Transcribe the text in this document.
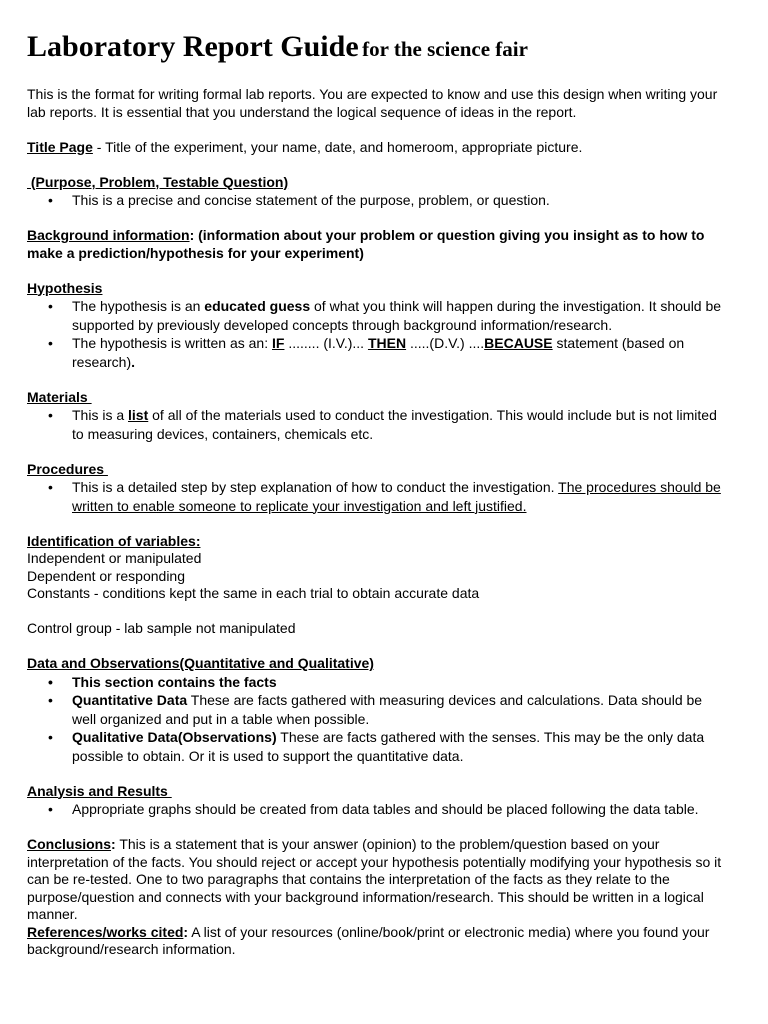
Laboratory Report Guide for the science fair

This is the format for writing formal lab reports. You are expected to know and use this design when writing your lab reports. It is essential that you understand the logical sequence of ideas in the report.

Title Page - Title of the experiment, your name, date, and homeroom, appropriate picture.

(Purpose, Problem, Testable Question)

• This is a precise and concise statement of the purpose, problem, or question.

Background information: (information about your problem or question giving you insight as to how to make a prediction/hypothesis for your experiment)

Hypothesis

• The hypothesis is an educated guess of what you think will happen during the investigation. It should be supported by previously developed concepts through background information/research.
• The hypothesis is written as an: IF ........ (I.V.)... THEN .....(D.V.) ....BECAUSE statement (based on research).

Materials

• This is a list of all of the materials used to conduct the investigation. This would include but is not limited to measuring devices, containers, chemicals etc.

Procedures

• This is a detailed step by step explanation of how to conduct the investigation. The procedures should be written to enable someone to replicate your investigation and left justified.

Identification of variables:

Independent or manipulated

Dependent or responding

Constants - conditions kept the same in each trial to obtain accurate data

Control group - lab sample not manipulated

Data and Observations(Quantitative and Qualitative)

• This section contains the facts
• Quantitative Data These are facts gathered with measuring devices and calculations. Data should be well organized and put in a table when possible.
• Qualitative Data(Observations) These are facts gathered with the senses. This may be the only data possible to obtain. Or it is used to support the quantitative data.

Analysis and Results

• Appropriate graphs should be created from data tables and should be placed following the data table.

Conclusions: This is a statement that is your answer (opinion) to the problem/question based on your interpretation of the facts. You should reject or accept your hypothesis potentially modifying your hypothesis so it can be re-tested. One to two paragraphs that contains the interpretation of the facts as they relate to the purpose/question and connects with your background information/research. This should be written in a logical manner.

References/works cited: A list of your resources (online/book/print or electronic media) where you found your background/research information.
